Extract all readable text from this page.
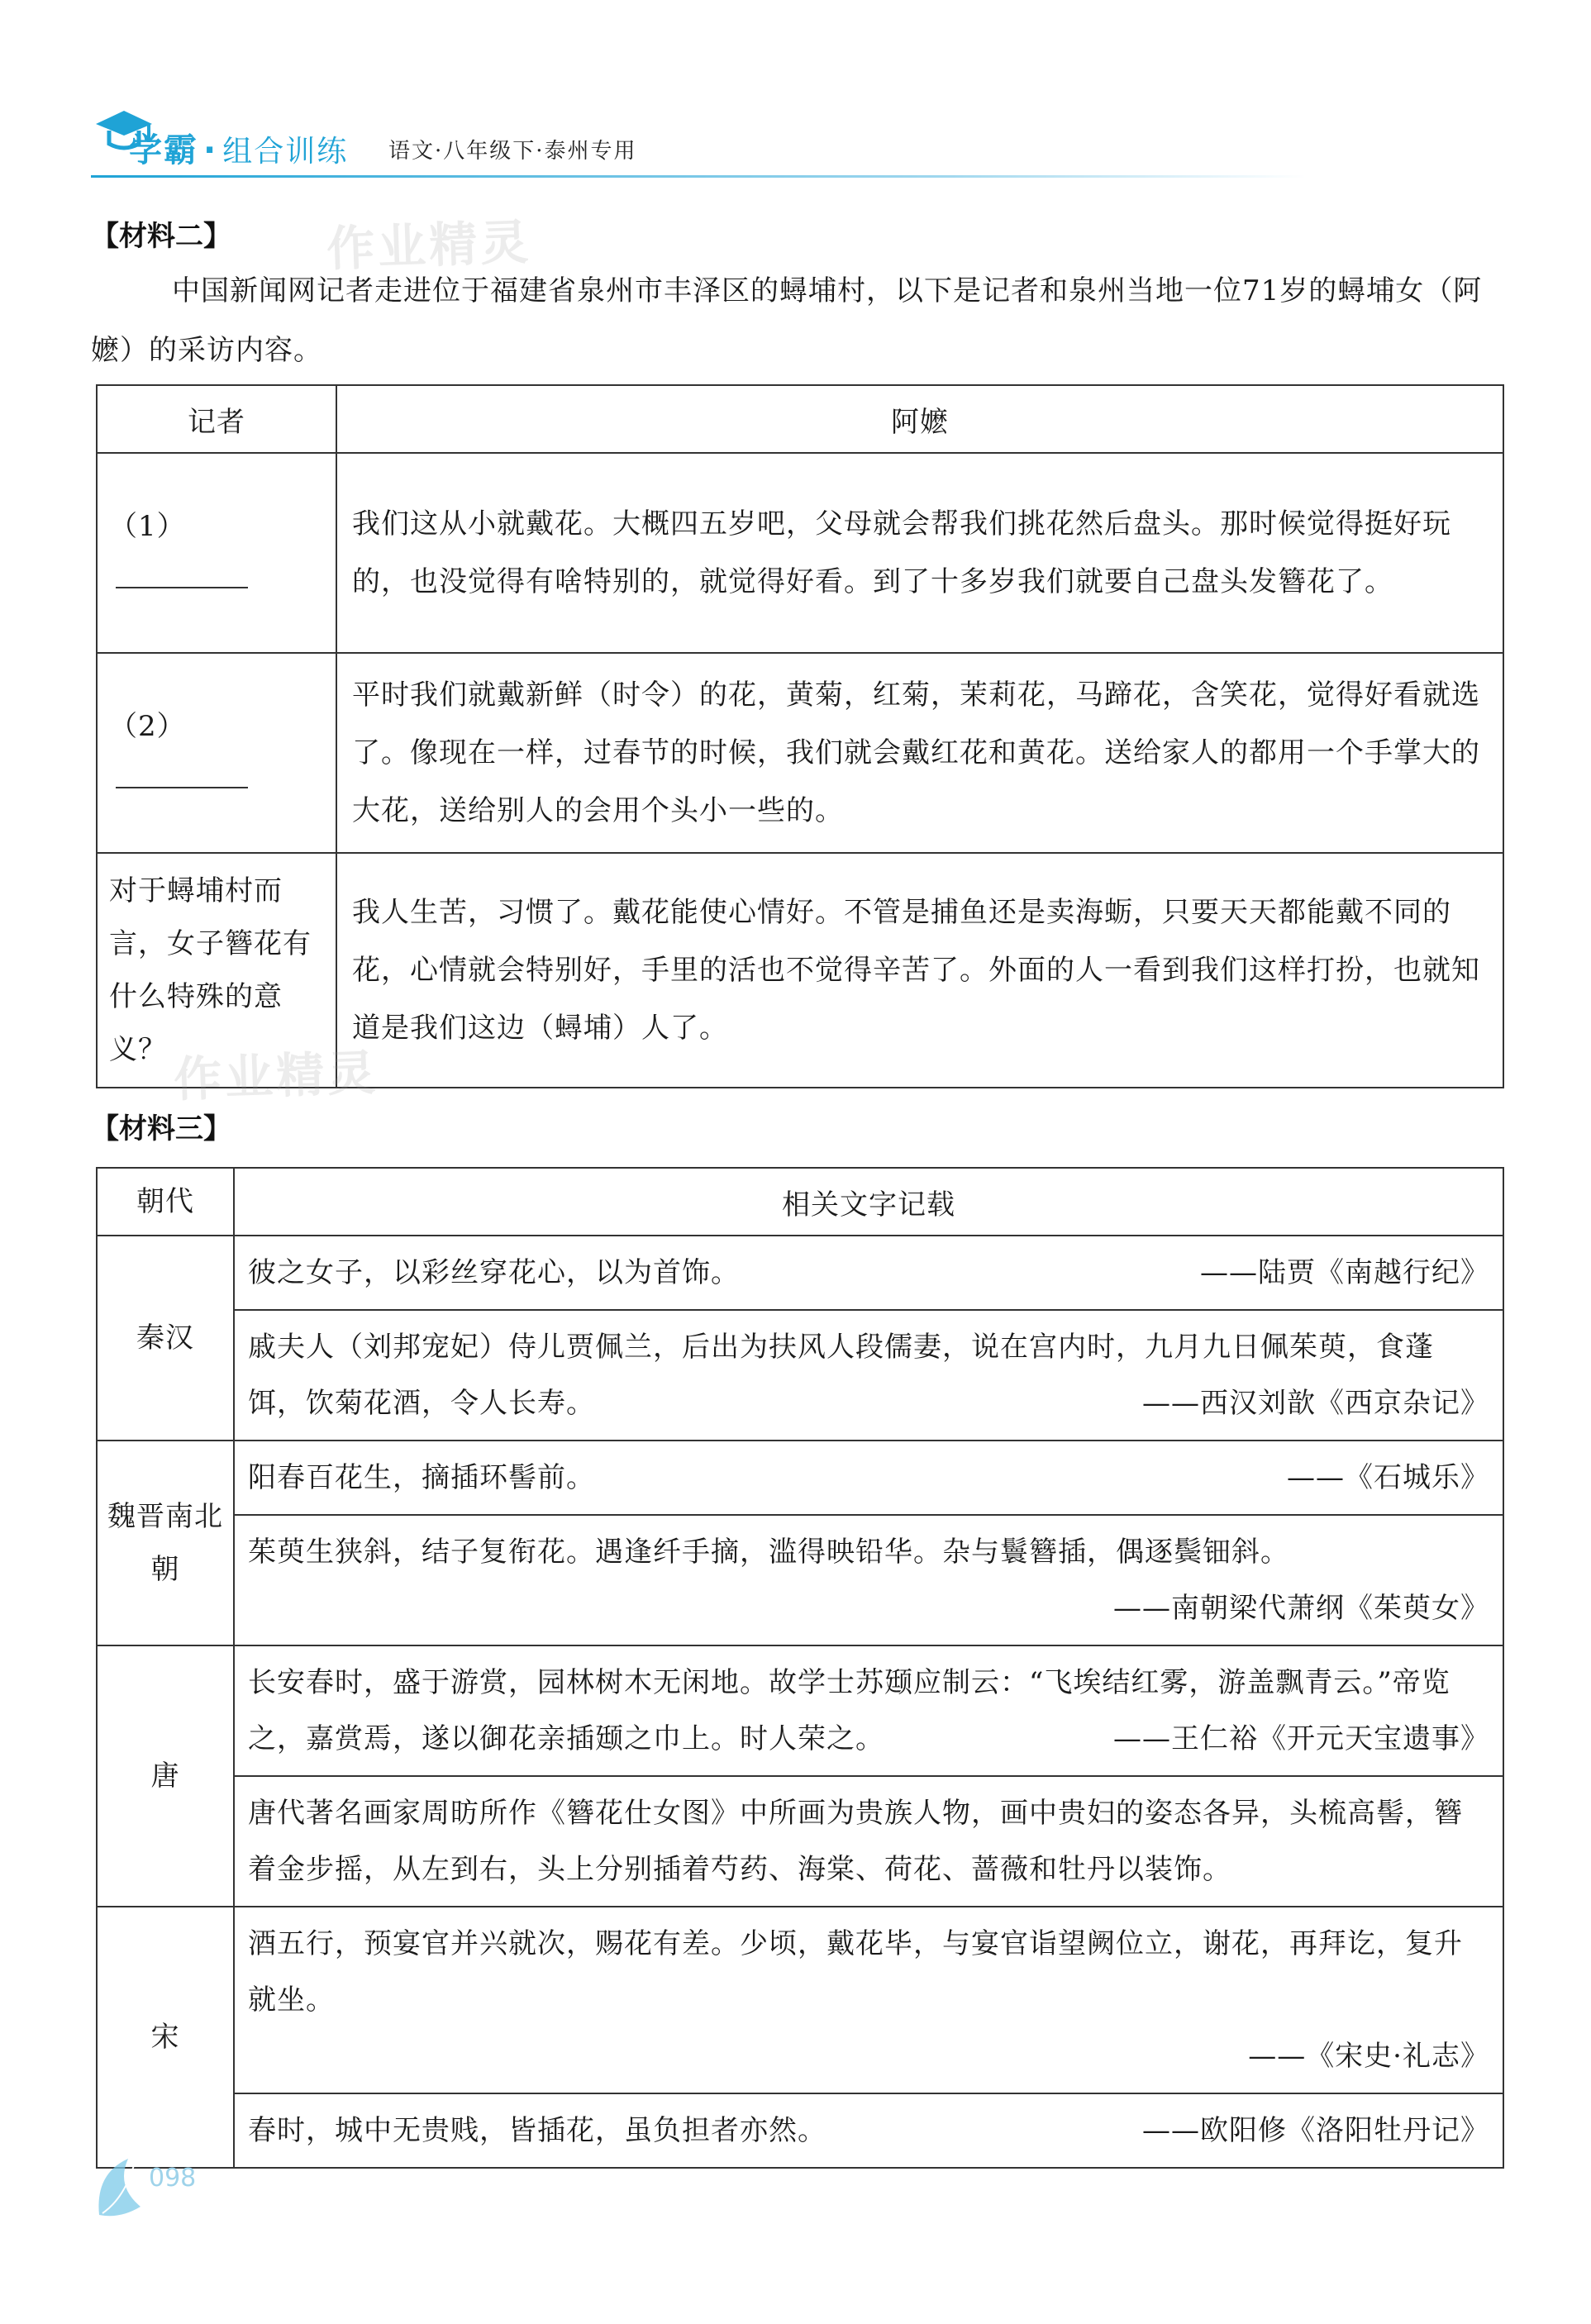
学霸 · 组合训练 语文·八年级下·泰州专用
【材料二】 作业精灵
中国新闻网记者走进位于福建省泉州市丰泽区的蟳埔村，以下是记者和泉州当地一位71岁的蟳埔女（阿嬷）的采访内容。
记者	阿嬷
（1）	我们这从小就戴花。大概四五岁吧，父母就会帮我们挑花然后盘头。那时候觉得挺好玩的，也没觉得有啥特别的，就觉得好看。到了十多岁我们就要自己盘头发簪花了。
（2）	平时我们就戴新鲜（时令）的花，黄菊，红菊，茉莉花，马蹄花，含笑花，觉得好看就选了。像现在一样，过春节的时候，我们就会戴红花和黄花。送给家人的都用一个手掌大的大花，送给别人的会用个头小一些的。
对于蟳埔村而言，女子簪花有什么特殊的意义？	我人生苦，习惯了。戴花能使心情好。不管是捕鱼还是卖海蛎，只要天天都能戴不同的花，心情就会特别好，手里的活也不觉得辛苦了。外面的人一看到我们这样打扮，也就知道是我们这边（蟳埔）人了。
【材料三】
作业精灵
朝代	相关文字记载
秦汉	彼之女子，以彩丝穿花心，以为首饰。 ——陆贾《南越行纪》

	戚夫人（刘邦宠妃）侍儿贾佩兰，后出为扶风人段儒妻，说在宫内时，九月九日佩茱萸，食蓬饵，饮菊花酒，令人长寿。 ——西汉刘歆《西京杂记》

魏晋南北朝	阳春百花生，摘插环髻前。 ——《石城乐》

	茱萸生狭斜，结子复衔花。遇逢纤手摘，滥得映铅华。杂与鬟簪插，偶逐鬓钿斜。
——南朝梁代萧纲《茱萸女》

唐	长安春时，盛于游赏，园林树木无闲地。故学士苏颋应制云：“飞埃结红雾，游盖飘青云。”帝览之，嘉赏焉，遂以御花亲插颋之巾上。时人荣之。 ——王仁裕《开元天宝遗事》

	唐代著名画家周昉所作《簪花仕女图》中所画为贵族人物，画中贵妇的姿态各异，头梳高髻，簪着金步摇，从左到右，头上分别插着芍药、海棠、荷花、蔷薇和牡丹以装饰。
宋	酒五行，预宴官并兴就次，赐花有差。少顷，戴花毕，与宴官诣望阙位立，谢花，再拜讫，复升就坐。
——《宋史·礼志》

	春时，城中无贵贱，皆插花，虽负担者亦然。 ——欧阳修《洛阳牡丹记》
098
